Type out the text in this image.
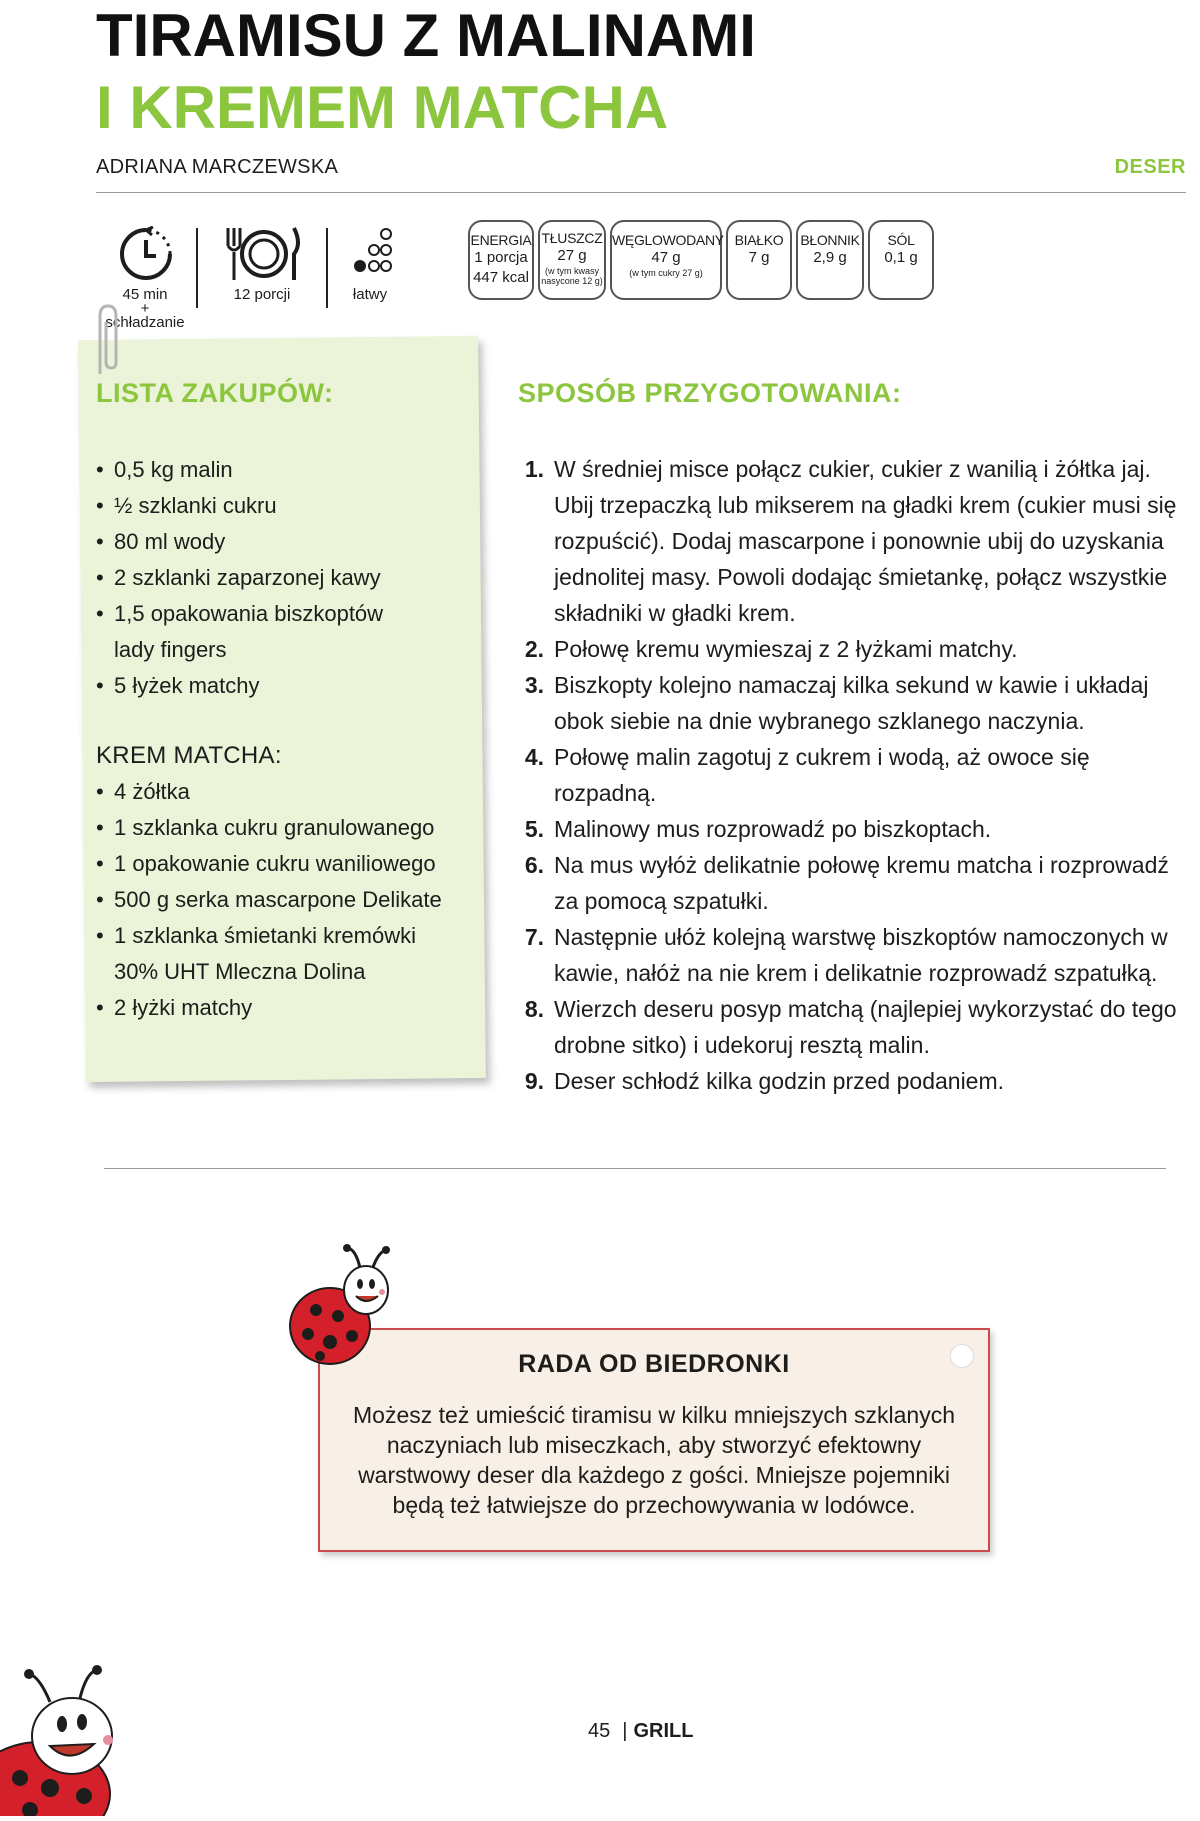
TIRAMISU Z MALINAMI
I KREMEM MATCHA
ADRIANA MARCZEWSKA	DESER
45 min
+ schładzanie
12 porcji	łatwy
ENERGIA
1 porcja
447 kcal
TŁUSZCZ
27 g
(w tym kwasy
nasycone 12 g)
WĘGLOWODANY
47 g
(w tym cukry 27 g)
BIAŁKO
7 g
BŁONNIK
2,9 g
SÓL
0,1 g
LISTA ZAKUPÓW:
• 0,5 kg malin
• ½ szklanki cukru
• 80 ml wody
• 2 szklanki zaparzonej kawy
• 1,5 opakowania biszkoptów lady fingers
• 5 łyżek matchy
KREM MATCHA:
• 4 żółtka
• 1 szklanka cukru granulowanego
• 1 opakowanie cukru waniliowego
• 500 g serka mascarpone Delikate
• 1 szklanka śmietanki kremówki 30% UHT Mleczna Dolina
• 2 łyżki matchy
SPOSÓB PRZYGOTOWANIA:
1. W średniej misce połącz cukier, cukier z wanilią i żółtka jaj. Ubij trzepaczką lub mikserem na gładki krem (cukier musi się rozpuścić). Dodaj mascarpone i ponownie ubij do uzyskania jednolitej masy. Powoli dodając śmietankę, połącz wszystkie składniki w gładki krem.
2. Połowę kremu wymieszaj z 2 łyżkami matchy.
3. Biszkopty kolejno namaczaj kilka sekund w kawie i układaj obok siebie na dnie wybranego szklanego naczynia.
4. Połowę malin zagotuj z cukrem i wodą, aż owoce się rozpadną.
5. Malinowy mus rozprowadź po biszkoptach.
6. Na mus wyłóż delikatnie połowę kremu matcha i rozprowadź za pomocą szpatułki.
7. Następnie ułóż kolejną warstwę biszkoptów namoczonych w kawie, nałóż na nie krem i delikatnie rozprowadź szpatułką.
8. Wierzch deseru posyp matchą (najlepiej wykorzystać do tego drobne sitko) i udekoruj resztą malin.
9. Deser schłodź kilka godzin przed podaniem.
RADA OD BIEDRONKI
Możesz też umieścić tiramisu w kilku mniejszych szklanych naczyniach lub miseczkach, aby stworzyć efektowny warstwowy deser dla każdego z gości. Mniejsze pojemniki będą też łatwiejsze do przechowywania w lodówce.
45 | GRILL
